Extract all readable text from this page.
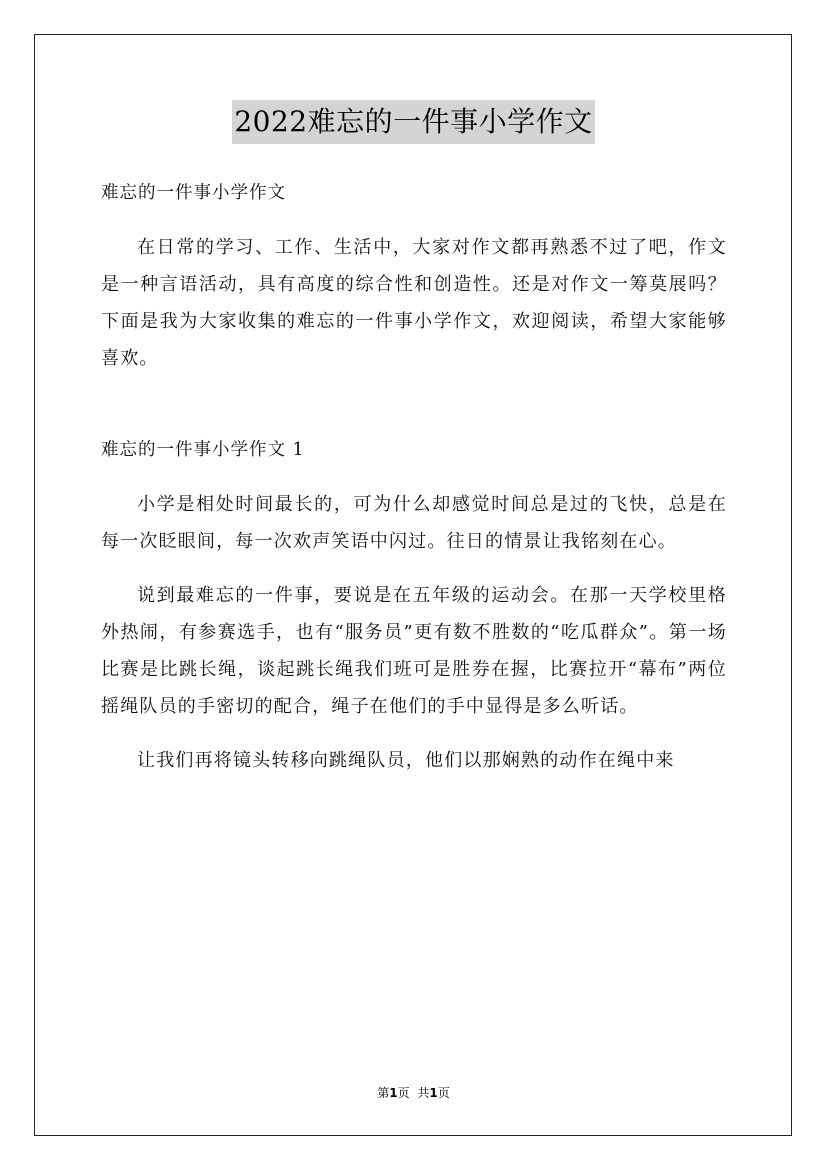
2022难忘的一件事小学作文

难忘的一件事小学作文

在日常的学习、工作、生活中，大家对作文都再熟悉不过了吧，作文是一种言语活动，具有高度的综合性和创造性。还是对作文一筹莫展吗？下面是我为大家收集的难忘的一件事小学作文，欢迎阅读，希望大家能够喜欢。

难忘的一件事小学作文 1

小学是相处时间最长的，可为什么却感觉时间总是过的飞快，总是在每一次眨眼间，每一次欢声笑语中闪过。往日的情景让我铭刻在心。

说到最难忘的一件事，要说是在五年级的运动会。在那一天学校里格外热闹，有参赛选手，也有“服务员”更有数不胜数的“吃瓜群众”。第一场比赛是比跳长绳，谈起跳长绳我们班可是胜券在握，比赛拉开“幕布”两位摇绳队员的手密切的配合，绳子在他们的手中显得是多么听话。

让我们再将镜头转移向跳绳队员，他们以那娴熟的动作在绳中来

第1页 共1页
